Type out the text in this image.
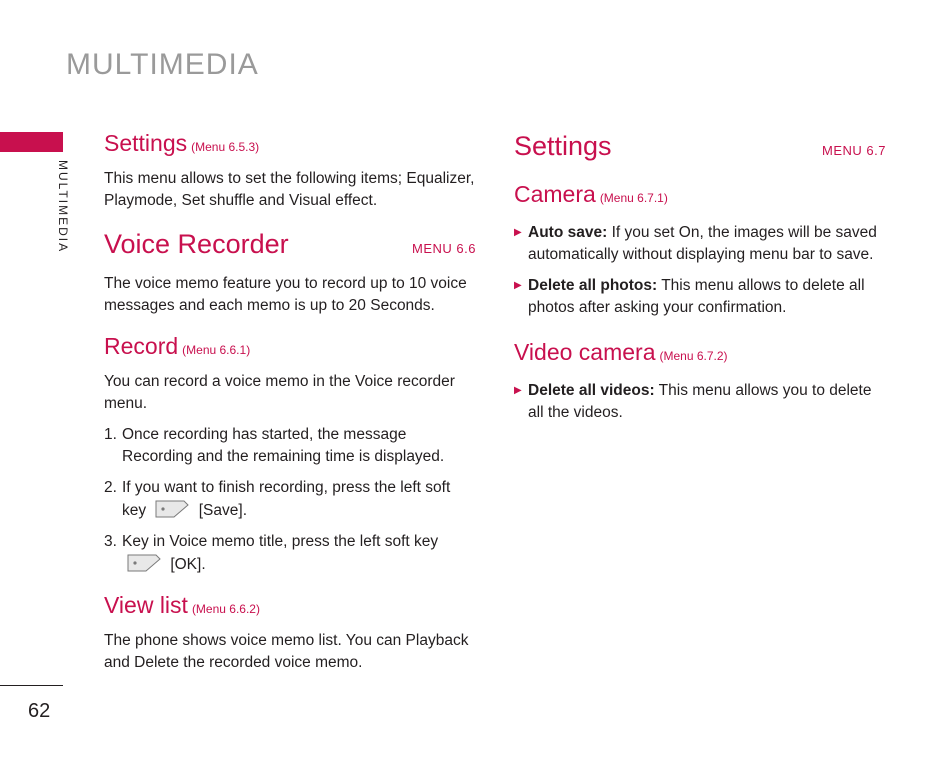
MULTIMEDIA
MULTIMEDIA
62
Settings (Menu 6.5.3)

This menu allows to set the following items; Equalizer, Playmode, Set shuffle and Visual effect.

Voice Recorder	MENU 6.6

The voice memo feature you to record up to 10 voice messages and each memo is up to 20 Seconds.

Record (Menu 6.6.1)

You can record a voice memo in the Voice recorder menu.

1. Once recording has started, the message Recording and the remaining time is displayed.
2. If you want to finish recording, press the left soft key	[Save].
3. Key in Voice memo title, press the left soft key
[OK].
View list (Menu 6.6.2)

The phone shows voice memo list. You can Playback and Delete the recorded voice memo.

Settings	MENU 6.7
Camera (Menu 6.7.1)
▶ Auto save: If you set On, the images will be saved automatically without displaying menu bar to save.
▶ Delete all photos: This menu allows to delete all photos after asking your confirmation.
Video camera (Menu 6.7.2)
▶ Delete all videos: This menu allows you to delete all the videos.
